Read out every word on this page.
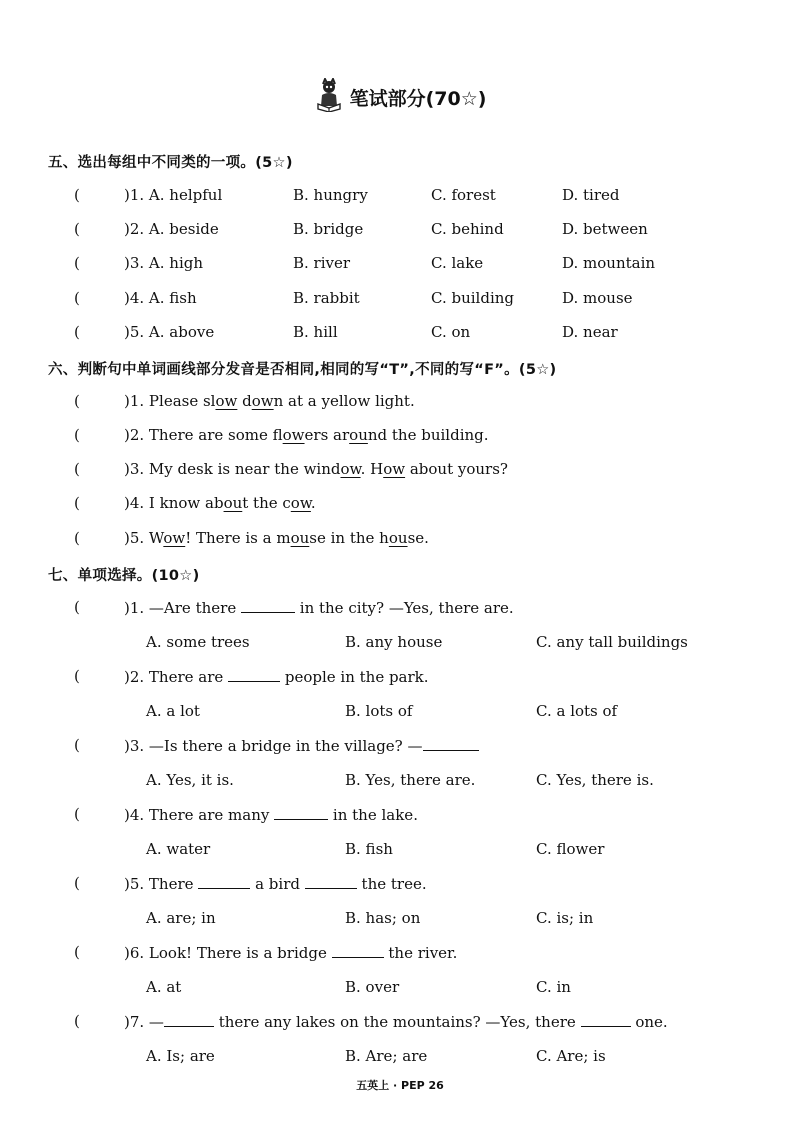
笔试部分(70☆)
五、选出每组中不同类的一项。(5☆)
(	)1. A. helpful	B. hungry	C. forest	D. tired
(	)2. A. beside	B. bridge	C. behind	D. between
(	)3. A. high	B. river	C. lake	D. mountain
(	)4. A. fish	B. rabbit	C. building	D. mouse
(	)5. A. above	B. hill	C. on	D. near
六、判断句中单词画线部分发音是否相同,相同的写“T”,不同的写“F”。(5☆)
(	)1. Please slow down at a yellow light.
(	)2. There are some flowers around the building.
(	)3. My desk is near the window. How about yours?
(	)4. I know about the cow.
(	)5. Wow! There is a mouse in the house.
七、单项选择。(10☆)
(	)1. —Are there	in the city? —Yes, there are.
A. some trees	B. any house	C. any tall buildings
(	)2. There are	people in the park.
A. a lot	B. lots of	C. a lots of
(	)3. —Is there a bridge in the village? —
A. Yes, it is.	B. Yes, there are.	C. Yes, there is.
(	)4. There are many	in the lake.
A. water	B. fish	C. flower
(	)5. There	a bird	the tree.
A. are; in	B. has; on	C. is; in
(	)6. Look! There is a bridge	the river.
A. at	B. over	C. in
(	)7. —	there any lakes on the mountains? —Yes, there	one.
A. Is; are	B. Are; are	C. Are; is
五英上 · PEP 26
